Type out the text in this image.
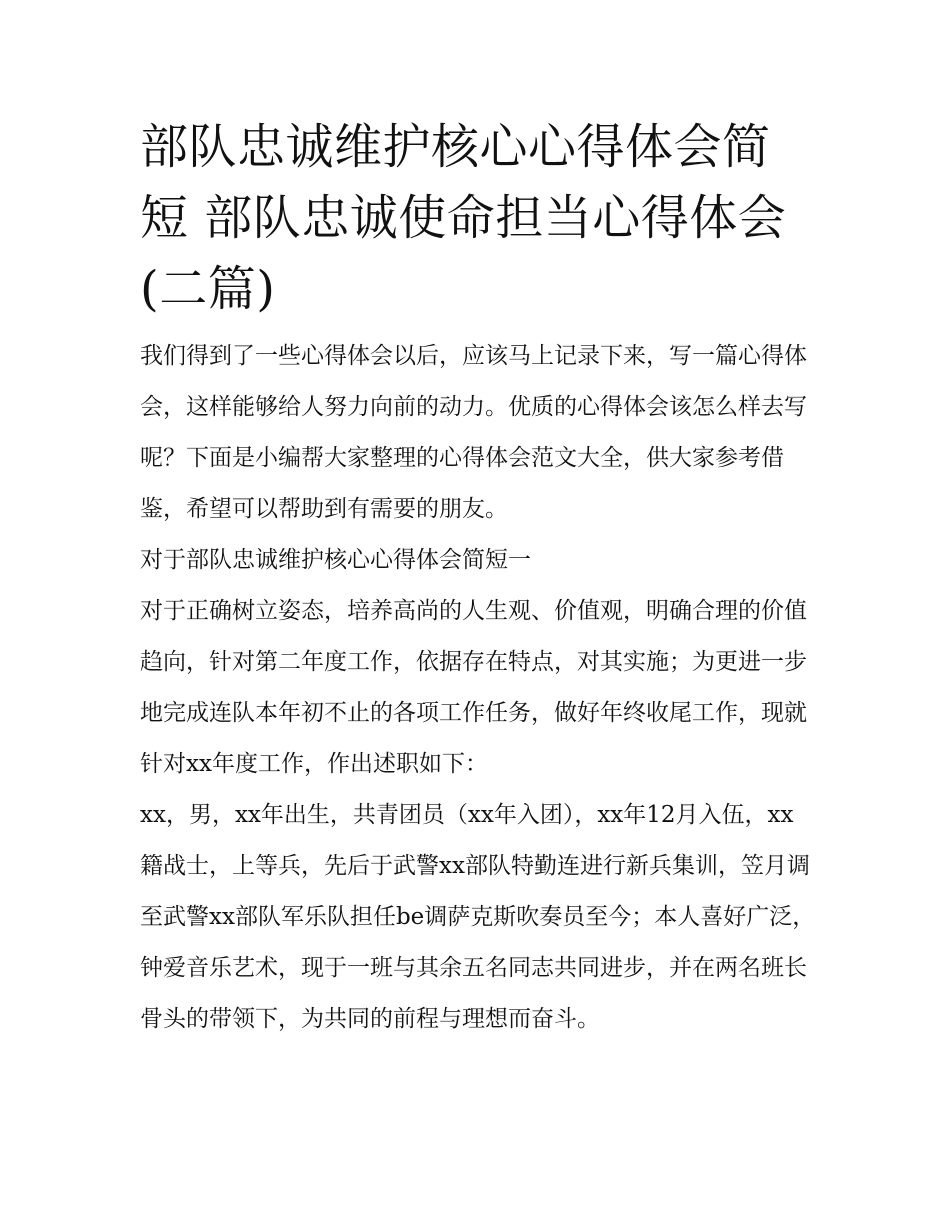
部队忠诚维护核心心得体会简短 部队忠诚使命担当心得体会(二篇)

我们得到了一些心得体会以后，应该马上记录下来，写一篇心得体会，这样能够给人努力向前的动力。优质的心得体会该怎么样去写呢？下面是小编帮大家整理的心得体会范文大全，供大家参考借鉴，希望可以帮助到有需要的朋友。

对于部队忠诚维护核心心得体会简短一

对于正确树立姿态，培养高尚的人生观、价值观，明确合理的价值趋向，针对第二年度工作，依据存在特点，对其实施；为更进一步地完成连队本年初不止的各项工作任务，做好年终收尾工作，现就针对xx年度工作，作出述职如下：

xx，男，xx年出生，共青团员（xx年入团），xx年12月入伍，xx籍战士，上等兵，先后于武警xx部队特勤连进行新兵集训，笠月调至武警xx部队军乐队担任be调萨克斯吹奏员至今；本人喜好广泛，钟爱音乐艺术，现于一班与其余五名同志共同进步，并在两名班长骨头的带领下，为共同的前程与理想而奋斗。
